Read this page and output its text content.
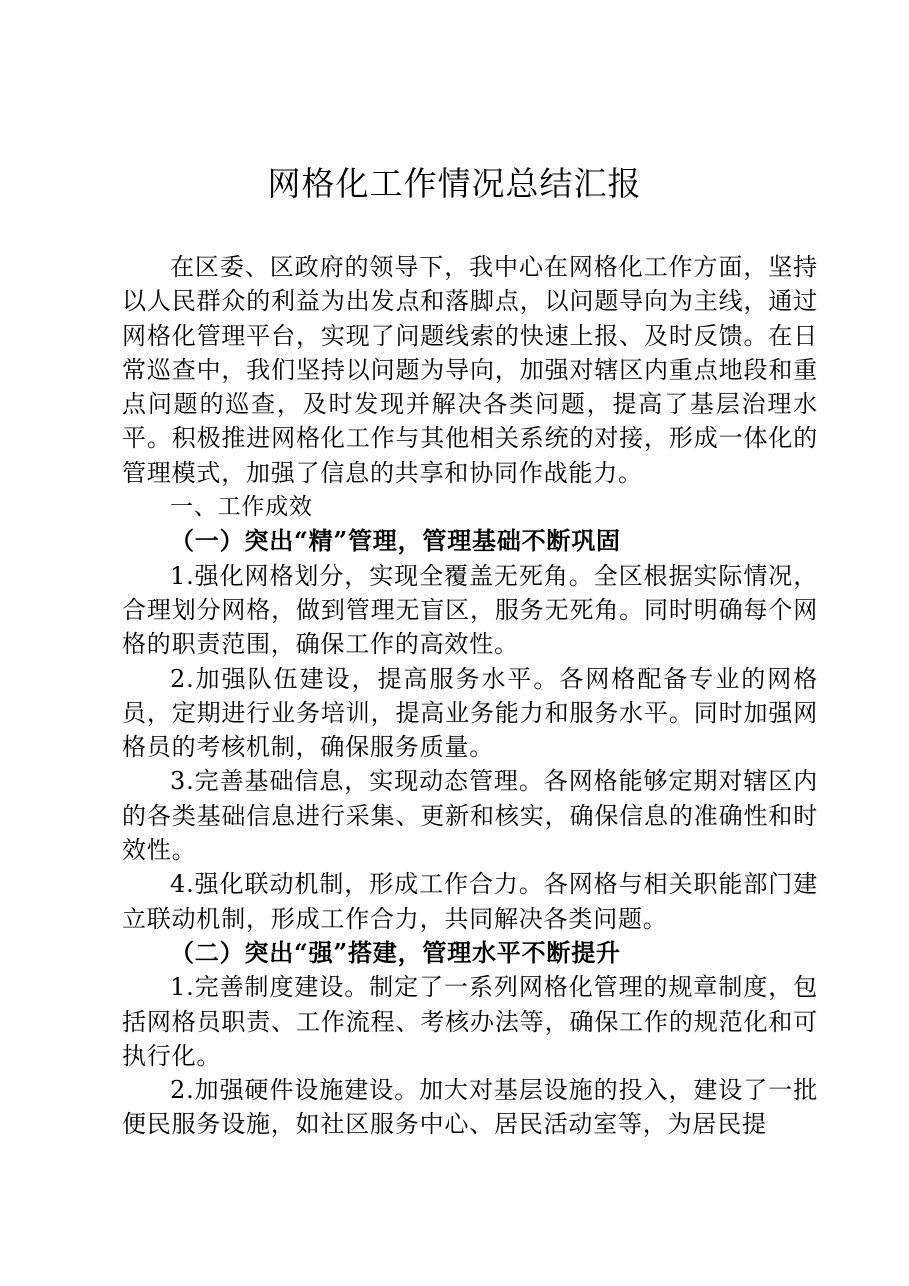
网格化工作情况总结汇报

在区委、区政府的领导下，我中心在网格化工作方面，坚持以人民群众的利益为出发点和落脚点，以问题导向为主线，通过网格化管理平台，实现了问题线索的快速上报、及时反馈。在日常巡查中，我们坚持以问题为导向，加强对辖区内重点地段和重点问题的巡查，及时发现并解决各类问题，提高了基层治理水平。积极推进网格化工作与其他相关系统的对接，形成一体化的管理模式，加强了信息的共享和协同作战能力。

一、工作成效

（一）突出“精”管理，管理基础不断巩固

1.强化网格划分，实现全覆盖无死角。全区根据实际情况，合理划分网格，做到管理无盲区，服务无死角。同时明确每个网格的职责范围，确保工作的高效性。

2.加强队伍建设，提高服务水平。各网格配备专业的网格员，定期进行业务培训，提高业务能力和服务水平。同时加强网格员的考核机制，确保服务质量。

3.完善基础信息，实现动态管理。各网格能够定期对辖区内的各类基础信息进行采集、更新和核实，确保信息的准确性和时效性。

4.强化联动机制，形成工作合力。各网格与相关职能部门建立联动机制，形成工作合力，共同解决各类问题。

（二）突出“强”搭建，管理水平不断提升

1.完善制度建设。制定了一系列网格化管理的规章制度，包括网格员职责、工作流程、考核办法等，确保工作的规范化和可执行化。

2.加强硬件设施建设。加大对基层设施的投入，建设了一批便民服务设施，如社区服务中心、居民活动室等，为居民提
